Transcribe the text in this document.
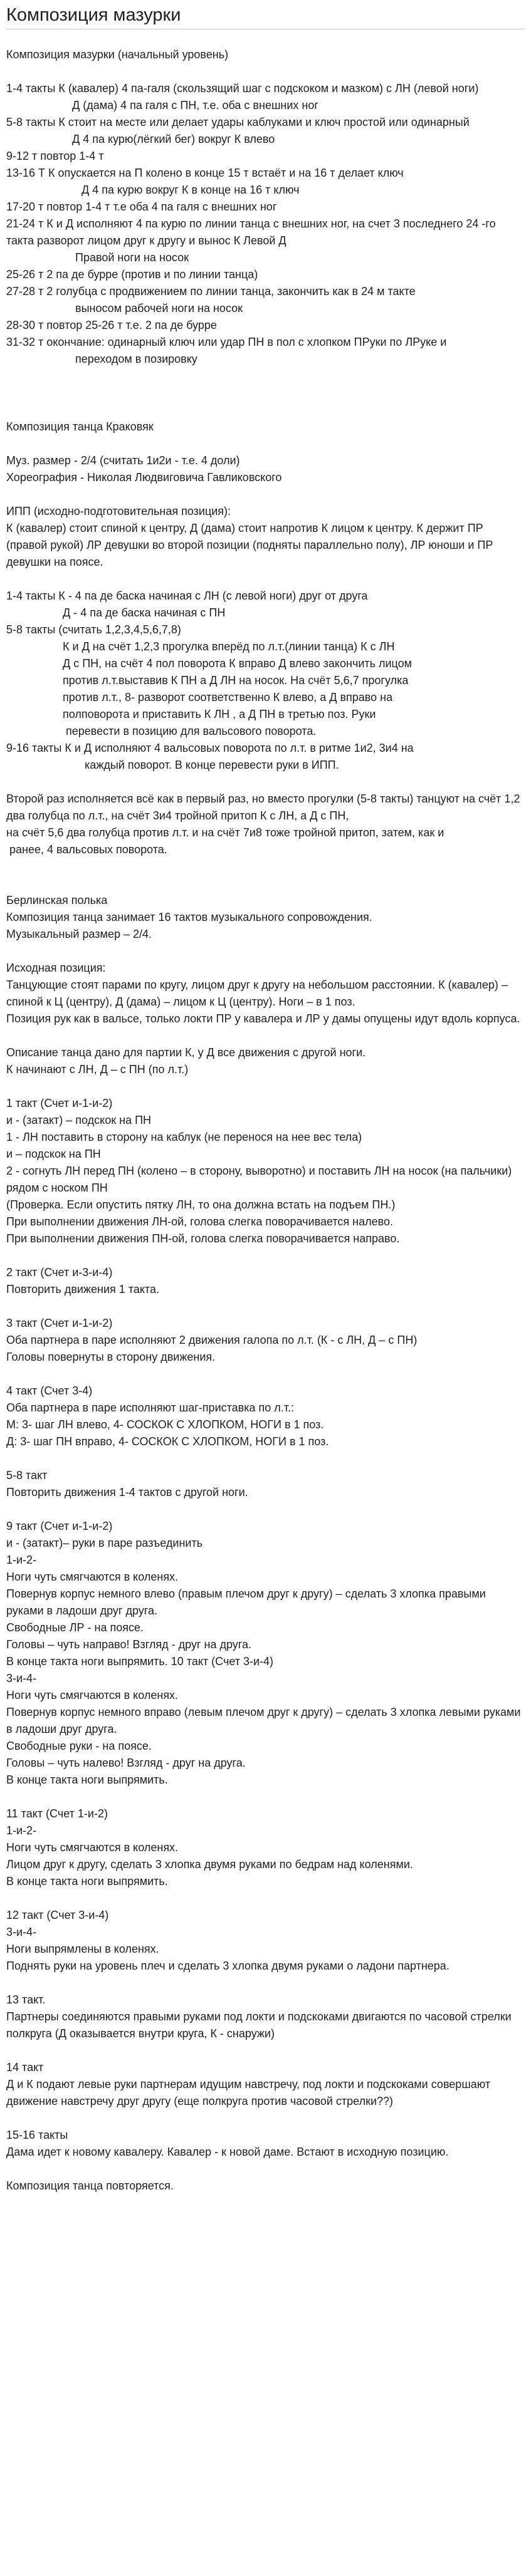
Композиция мазурки
Композиция мазурки (начальный уровень)
1-4 такты К (кавалер) 4 па-галя (скользящий шаг с подскоком и мазком) с ЛН (левой ноги)
Д (дама) 4 па галя с ПН, т.е. оба с внешних ног
5-8 такты К стоит на месте или делает удары каблуками и ключ простой или одинарный
Д 4 па курю(лёгкий бег) вокруг К влево
9-12 т повтор 1-4 т
13-16 Т К опускается на П колено в конце 15 т встаёт и на 16 т делает ключ
Д 4 па курю вокруг К в конце на 16 т ключ
17-20 т повтор 1-4 т т.е оба 4 па галя с внешних ног
21-24 т К и Д исполняют 4 па курю по линии танца с внешних ног, на счет 3 последнего 24 -го такта разворот лицом друг к другу и вынос К Левой Д
Правой ноги на носок
25-26 т 2 па де бурре (против и по линии танца)
27-28 т 2 голубца с продвижением по линии танца, закончить как в 24 м такте
выносом рабочей ноги на носок
28-30 т повтор 25-26 т т.е. 2 па де бурре
31-32 т окончание: одинарный ключ или удар ПН в пол с хлопком ПРуки по ЛРуке и
переходом в позировку
Композиция танца Краковяк
Муз. размер - 2/4 (считать 1и2и - т.е. 4 доли)
Хореография - Николая Людвиговича Гавликовского
ИПП (исходно-подготовительная позиция):
К (кавалер) стоит спиной к центру, Д (дама) стоит напротив К лицом к центру. К держит ПР (правой рукой) ЛР девушки во второй позиции (подняты параллельно полу), ЛР юноши и ПР девушки на поясе.
1-4 такты К - 4 па де баска начиная с ЛН (с левой ноги) друг от друга
Д - 4 па де баска начиная с ПН
5-8 такты (считать 1,2,3,4,5,6,7,8)
К и Д на счёт 1,2,3 прогулка вперёд по л.т.(линии танца) К с ЛН
Д с ПН, на счёт 4 пол поворота К вправо Д влево закончить лицом
против л.т.выставив К ПН а Д ЛН на носок. На счёт 5,6,7 прогулка
против л.т., 8- разворот соответственно К влево, а Д вправо на
полповорота и приставить К ЛН , а Д ПН в третью поз. Руки
перевести в позицию для вальсового поворота.
9-16 такты К и Д исполняют 4 вальсовых поворота по л.т. в ритме 1и2, 3и4 на
каждый поворот. В конце перевести руки в ИПП.
Второй раз исполняется всё как в первый раз, но вместо прогулки (5-8 такты) танцуют на счёт 1,2 два голубца по л.т., на счёт 3и4 тройной притоп К с ЛН, а Д с ПН,
на счёт 5,6 два голубца против л.т. и на счёт 7и8 тоже тройной притоп, затем, как и
ранее, 4 вальсовых поворота.
Берлинская полька
Композиция танца занимает 16 тактов музыкального сопровождения.
Музыкальный размер – 2/4.
Исходная позиция:
Танцующие стоят парами по кругу, лицом друг к другу на небольшом расстоянии. К (кавалер) – спиной к Ц (центру), Д (дама) – лицом к Ц (центру). Ноги – в 1 поз.
Позиция рук как в вальсе, только локти ПР у кавалера и ЛР у дамы опущены идут вдоль корпуса.
Описание танца дано для партии К, у Д все движения с другой ноги.
К начинают с ЛН, Д – с ПН (по л.т.)
1 такт (Счет и-1-и-2)
и - (затакт) – подскок на ПН
1 - ЛН поставить в сторону на каблук (не перенося на нее вес тела)
и – подскок на ПН
2 - согнуть ЛН перед ПН (колено – в сторону, выворотно) и поставить ЛН на носок (на пальчики) рядом с носком ПН
(Проверка. Если опустить пятку ЛН, то она должна встать на подъем ПН.)
При выполнении движения ЛН-ой, голова слегка поворачивается налево.
При выполнении движения ПН-ой, голова слегка поворачивается направо.
2 такт (Счет и-3-и-4)
Повторить движения 1 такта.
3 такт (Счет и-1-и-2)
Оба партнера в паре исполняют 2 движения галопа по л.т. (К - с ЛН, Д – с ПН)
Головы повернуты в сторону движения.
4 такт (Счет 3-4)
Оба партнера в паре исполняют шаг-приставка по л.т.:
М: 3- шаг ЛН влево, 4- СОСКОК С ХЛОПКОМ, НОГИ в 1 поз.
Д: 3- шаг ПН вправо, 4- СОСКОК С ХЛОПКОМ, НОГИ в 1 поз.
5-8 такт
Повторить движения 1-4 тактов с другой ноги.
9 такт (Счет и-1-и-2)
и - (затакт)– руки в паре разъединить
1-и-2-
Ноги чуть смягчаются в коленях.
Повернув корпус немного влево (правым плечом друг к другу) – сделать 3 хлопка правыми руками в ладоши друг друга.
Свободные ЛР - на поясе.
Головы – чуть направо! Взгляд - друг на друга.
В конце такта ноги выпрямить. 10 такт (Счет 3-и-4)
3-и-4-
Ноги чуть смягчаются в коленях.
Повернув корпус немного вправо (левым плечом друг к другу) – сделать 3 хлопка левыми руками в ладоши друг друга.
Свободные руки - на поясе.
Головы – чуть налево! Взгляд - друг на друга.
В конце такта ноги выпрямить.
11 такт (Счет 1-и-2)
1-и-2-
Ноги чуть смягчаются в коленях.
Лицом друг к другу, сделать 3 хлопка двумя руками по бедрам над коленями.
В конце такта ноги выпрямить.
12 такт (Счет 3-и-4)
3-и-4-
Ноги выпрямлены в коленях.
Поднять руки на уровень плеч и сделать 3 хлопка двумя руками о ладони партнера.
13 такт.
Партнеры соединяются правыми руками под локти и подскоками двигаются по часовой стрелки полкруга (Д оказывается внутри круга, К - снаружи)
14 такт
Д и К подают левые руки партнерам идущим навстречу, под локти и подскоками совершают движение навстречу друг другу (еще полкруга против часовой стрелки??)
15-16 такты
Дама идет к новому кавалеру. Кавалер - к новой даме. Встают в исходную позицию.
Композиция танца повторяется.
